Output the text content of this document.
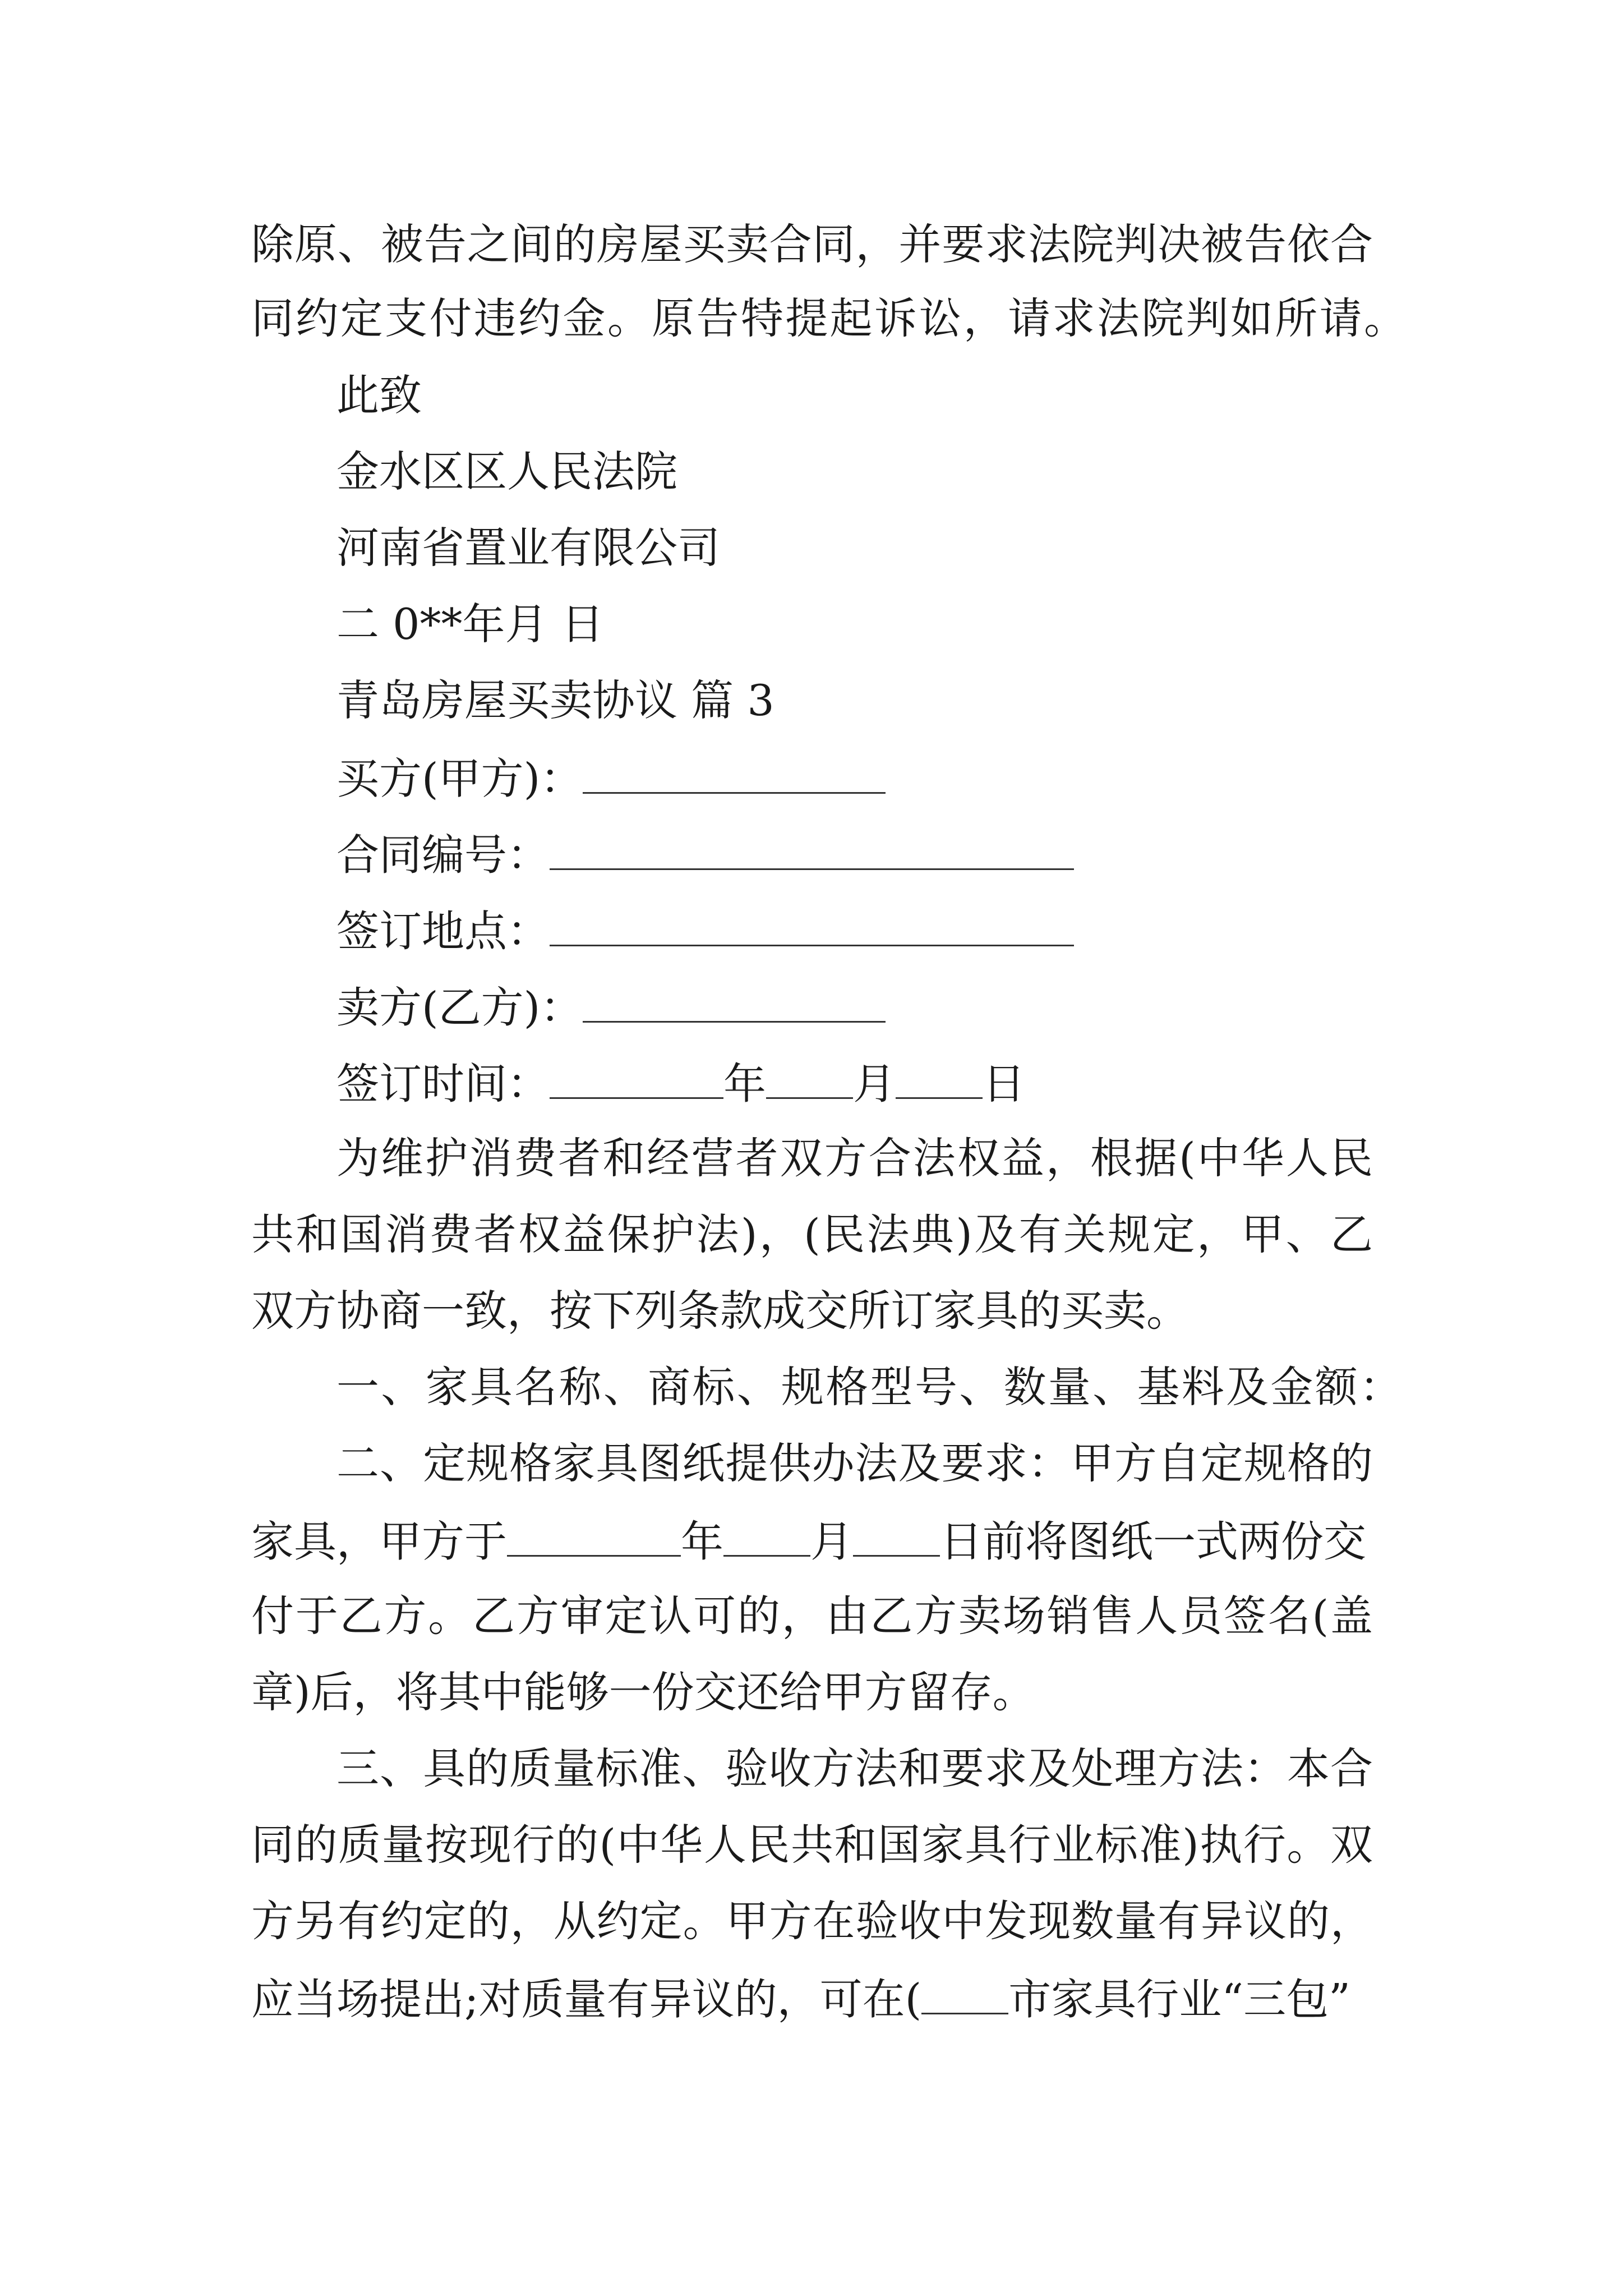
除原、被告之间的房屋买卖合同，并要求法院判决被告依合
同约定支付违约金。原告特提起诉讼，请求法院判如所请。
此致
金水区区人民法院
河南省置业有限公司
二 0**年月 日
青岛房屋买卖协议 篇 3
买方(甲方)：
合同编号：
签订地点：
卖方(乙方)：
签订时间：	年 月 日
为维护消费者和经营者双方合法权益，根据(中华人民
共和国消费者权益保护法)，(民法典)及有关规定，甲、乙
双方协商一致，按下列条款成交所订家具的买卖。
一、家具名称、商标、规格型号、数量、基料及金额：
二、定规格家具图纸提供办法及要求：甲方自定规格的
家具，甲方于	年 月 日前将图纸一式两份交
付于乙方。乙方审定认可的，由乙方卖场销售人员签名(盖
章)后，将其中能够一份交还给甲方留存。
三、具的质量标准、验收方法和要求及处理方法：本合
同的质量按现行的(中华人民共和国家具行业标准)执行。双
方另有约定的，从约定。甲方在验收中发现数量有异议的，
应当场提出;对质量有异议的，可在( 市家具行业“三包”
